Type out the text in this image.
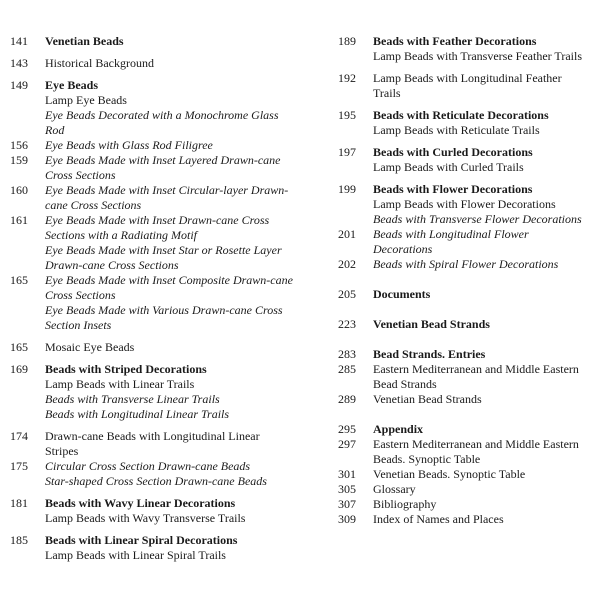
141	Venetian Beads
143	Historical Background
149	Eye Beads
Lamp Eye Beads
Eye Beads Decorated with a Monochrome Glass Rod
156	Eye Beads with Glass Rod Filigree
159	Eye Beads Made with Inset Layered Drawn-cane Cross Sections
160	Eye Beads Made with Inset Circular-layer Drawn-cane Cross Sections
161	Eye Beads Made with Inset Drawn-cane Cross Sections with a Radiating Motif
Eye Beads Made with Inset Star or Rosette Layer Drawn-cane Cross Sections
165	Eye Beads Made with Inset Composite Drawn-cane Cross Sections
Eye Beads Made with Various Drawn-cane Cross Section Insets
165	Mosaic Eye Beads
169	Beads with Striped Decorations
Lamp Beads with Linear Trails
Beads with Transverse Linear Trails
Beads with Longitudinal Linear Trails
174	Drawn-cane Beads with Longitudinal Linear Stripes
175	Circular Cross Section Drawn-cane Beads
Star-shaped Cross Section Drawn-cane Beads
181	Beads with Wavy Linear Decorations
Lamp Beads with Wavy Transverse Trails
185	Beads with Linear Spiral Decorations
Lamp Beads with Linear Spiral Trails
189	Beads with Feather Decorations
Lamp Beads with Transverse Feather Trails
192	Lamp Beads with Longitudinal Feather Trails
195	Beads with Reticulate Decorations
Lamp Beads with Reticulate Trails
197	Beads with Curled Decorations
Lamp Beads with Curled Trails
199	Beads with Flower Decorations
Lamp Beads with Flower Decorations
Beads with Transverse Flower Decorations
201	Beads with Longitudinal Flower Decorations
202	Beads with Spiral Flower Decorations
205	Documents
223	Venetian Bead Strands
283	Bead Strands. Entries
285	Eastern Mediterranean and Middle Eastern Bead Strands
289	Venetian Bead Strands
295	Appendix
297	Eastern Mediterranean and Middle Eastern Beads. Synoptic Table
301	Venetian Beads. Synoptic Table
305	Glossary
307	Bibliography
309	Index of Names and Places
